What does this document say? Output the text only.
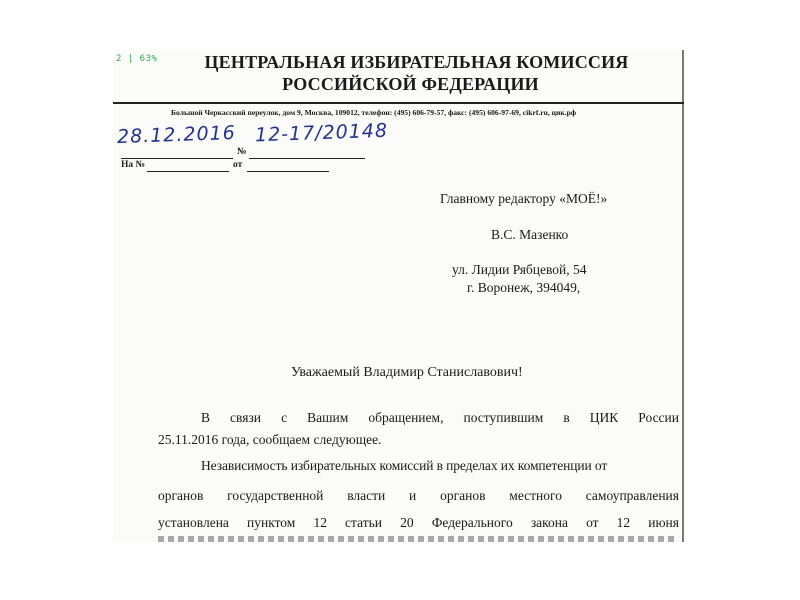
2 | 63%	ЦЕНТРАЛЬНАЯ ИЗБИРАТЕЛЬНАЯ КОМИССИЯ
РОССИЙСКОЙ ФЕДЕРАЦИИ
Большой Черкасский переулок, дом 9, Москва, 109012, телефон: (495) 606-79-57, факс: (495) 606-97-69, cikrf.ru, цик.рф
28.12.2016
№
12-17/20148
На №	от
Главному редактору «МОЁ!»
В.С. Мазенко
ул. Лидии Рябцевой, 54
г. Воронеж, 394049,
Уважаемый Владимир Станиславович!
В связи с Вашим обращением, поступившим в ЦИК России
25.11.2016 года, сообщаем следующее.
Независимость избирательных комиссий в пределах их компетенции от
органов государственной власти и органов местного самоуправления
установлена пунктом 12 статьи 20 Федерального закона от 12 июня
